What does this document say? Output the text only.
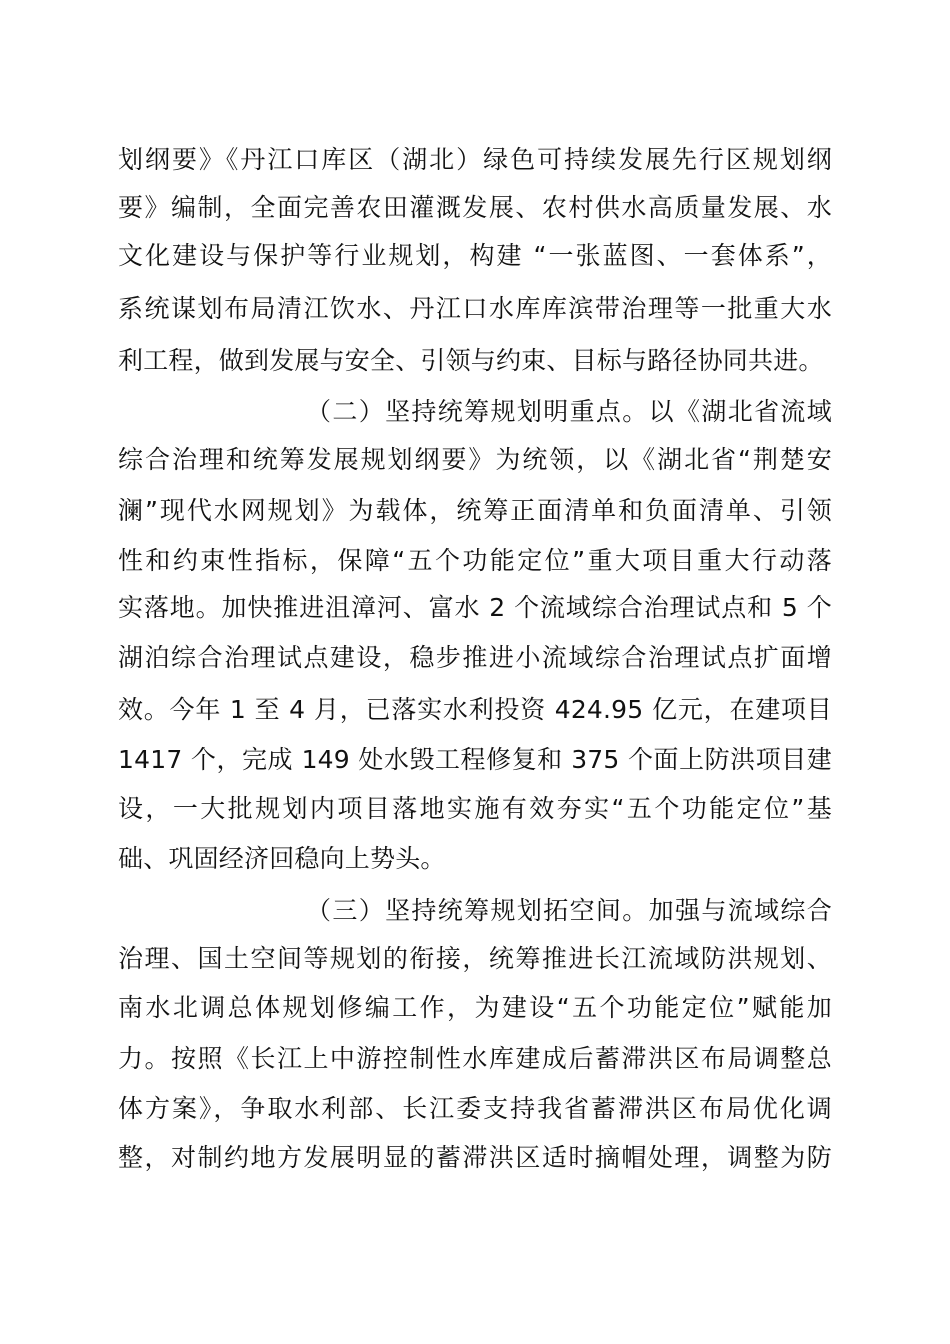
划纲要》《丹江口库区（湖北）绿色可持续发展先行区规划纲
要》编制，全面完善农田灌溉发展、农村供水高质量发展、水
文化建设与保护等行业规划，构建 “一张蓝图、一套体系”，
系统谋划布局清江饮水、丹江口水库库滨带治理等一批重大水
利工程，做到发展与安全、引领与约束、目标与路径协同共进。
（二）坚持统筹规划明重点。以《湖北省流域
综合治理和统筹发展规划纲要》为统领，以《湖北省“荆楚安
澜”现代水网规划》为载体，统筹正面清单和负面清单、引领
性和约束性指标，保障“五个功能定位”重大项目重大行动落
实落地。加快推进沮漳河、富水 2 个流域综合治理试点和 5 个
湖泊综合治理试点建设，稳步推进小流域综合治理试点扩面增
效。今年 1 至 4 月，已落实水利投资 424.95 亿元，在建项目
1417 个，完成 149 处水毁工程修复和 375 个面上防洪项目建
设，一大批规划内项目落地实施有效夯实“五个功能定位”基
础、巩固经济回稳向上势头。
（三）坚持统筹规划拓空间。加强与流域综合
治理、国土空间等规划的衔接，统筹推进长江流域防洪规划、
南水北调总体规划修编工作，为建设“五个功能定位”赋能加
力。按照《长江上中游控制性水库建成后蓄滞洪区布局调整总
体方案》，争取水利部、长江委支持我省蓄滞洪区布局优化调
整，对制约地方发展明显的蓄滞洪区适时摘帽处理，调整为防
